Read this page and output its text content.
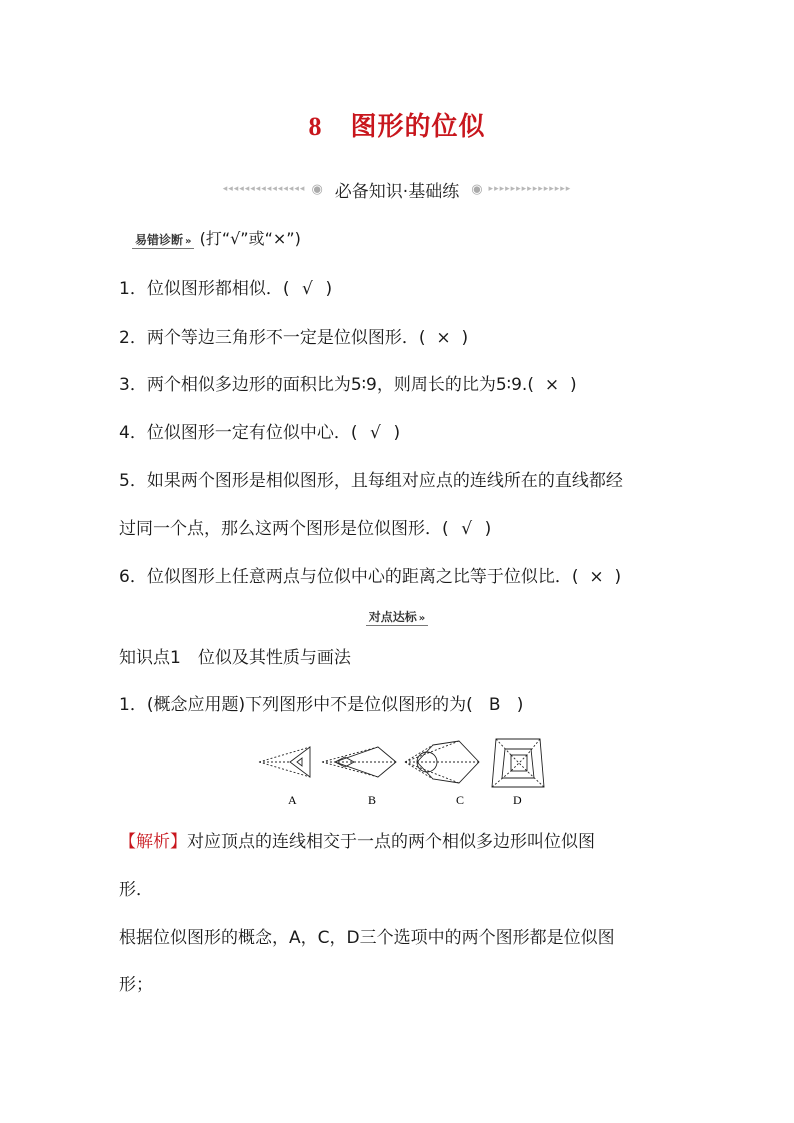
8 图形的位似
◂◂◂◂◂◂◂◂◂◂◂◂◂◂◂ ◉ 必备知识·基础练 ◉ ▸▸▸▸▸▸▸▸▸▸▸▸▸▸▸
易错诊断 » (打“√”或“×”)
1．位似图形都相似．( √ )
2．两个等边三角形不一定是位似图形．( × )
3．两个相似多边形的面积比为5∶9，则周长的比为5∶9.( × )
4．位似图形一定有位似中心．( √ )
5．如果两个图形是相似图形，且每组对应点的连线所在的直线都经
过同一个点，那么这两个图形是位似图形．( √ )
6．位似图形上任意两点与位似中心的距离之比等于位似比．( × )
对点达标 »
知识点1　位似及其性质与画法
1．(概念应用题)下列图形中不是位似图形的为( B )
A	B	C	D
【解析】对应顶点的连线相交于一点的两个相似多边形叫位似图
形．
根据位似图形的概念，A，C，D三个选项中的两个图形都是位似图
形；
